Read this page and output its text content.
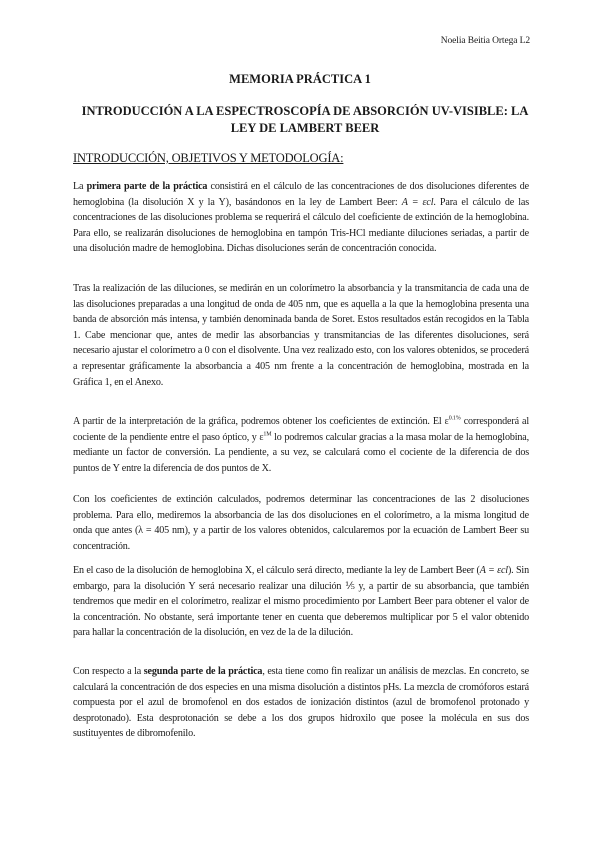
Noelia Beitia Ortega L2
MEMORIA PRÁCTICA 1
INTRODUCCIÓN A LA ESPECTROSCOPÍA DE ABSORCIÓN UV-VISIBLE: LA LEY DE LAMBERT BEER
INTRODUCCIÓN, OBJETIVOS Y METODOLOGÍA:

La primera parte de la práctica consistirá en el cálculo de las concentraciones de dos disoluciones diferentes de hemoglobina (la disolución X y la Y), basándonos en la ley de Lambert Beer: A = εcl. Para el cálculo de las concentraciones de las disoluciones problema se requerirá el cálculo del coeficiente de extinción de la hemoglobina. Para ello, se realizarán disoluciones de hemoglobina en tampón Tris-HCl mediante diluciones seriadas, a partir de una disolución madre de hemoglobina. Dichas disoluciones serán de concentración conocida.

Tras la realización de las diluciones, se medirán en un colorímetro la absorbancia y la transmitancia de cada una de las disoluciones preparadas a una longitud de onda de 405 nm, que es aquella a la que la hemoglobina presenta una banda de absorción más intensa, y también denominada banda de Soret. Estos resultados están recogidos en la Tabla 1. Cabe mencionar que, antes de medir las absorbancias y transmitancias de las diferentes disoluciones, será necesario ajustar el colorímetro a 0 con el disolvente. Una vez realizado esto, con los valores obtenidos, se procederá a representar gráficamente la absorbancia a 405 nm frente a la concentración de hemoglobina, mostrada en la Gráfica 1, en el Anexo.

A partir de la interpretación de la gráfica, podremos obtener los coeficientes de extinción. El $\varepsilon^{0.1\%}$ corresponderá al cociente de la pendiente entre el paso óptico, y $\varepsilon^{1M}$ lo podremos calcular gracias a la masa molar de la hemoglobina, mediante un factor de conversión. La pendiente, a su vez, se calculará como el cociente de la diferencia de dos puntos de Y entre la diferencia de dos puntos de X.

Con los coeficientes de extinción calculados, podremos determinar las concentraciones de las 2 disoluciones problema. Para ello, mediremos la absorbancia de las dos disoluciones en el colorímetro, a la misma longitud de onda que antes (λ = 405 nm), y a partir de los valores obtenidos, calcularemos por la ecuación de Lambert Beer su concentración.

En el caso de la disolución de hemoglobina X, el cálculo será directo, mediante la ley de Lambert Beer (A = εcl). Sin embargo, para la disolución Y será necesario realizar una dilución ⅕ y, a partir de su absorbancia, que también tendremos que medir en el colorímetro, realizar el mismo procedimiento por Lambert Beer para obtener el valor de la concentración. No obstante, será importante tener en cuenta que deberemos multiplicar por 5 el valor obtenido para hallar la concentración de la disolución, en vez de la de la dilución.

Con respecto a la segunda parte de la práctica, esta tiene como fin realizar un análisis de mezclas. En concreto, se calculará la concentración de dos especies en una misma disolución a distintos pHs. La mezcla de cromóforos estará compuesta por el azul de bromofenol en dos estados de ionización distintos (azul de bromofenol protonado y desprotonado). Esta desprotonación se debe a los dos grupos hidroxilo que posee la molécula en sus dos sustituyentes de dibromofenilo.
